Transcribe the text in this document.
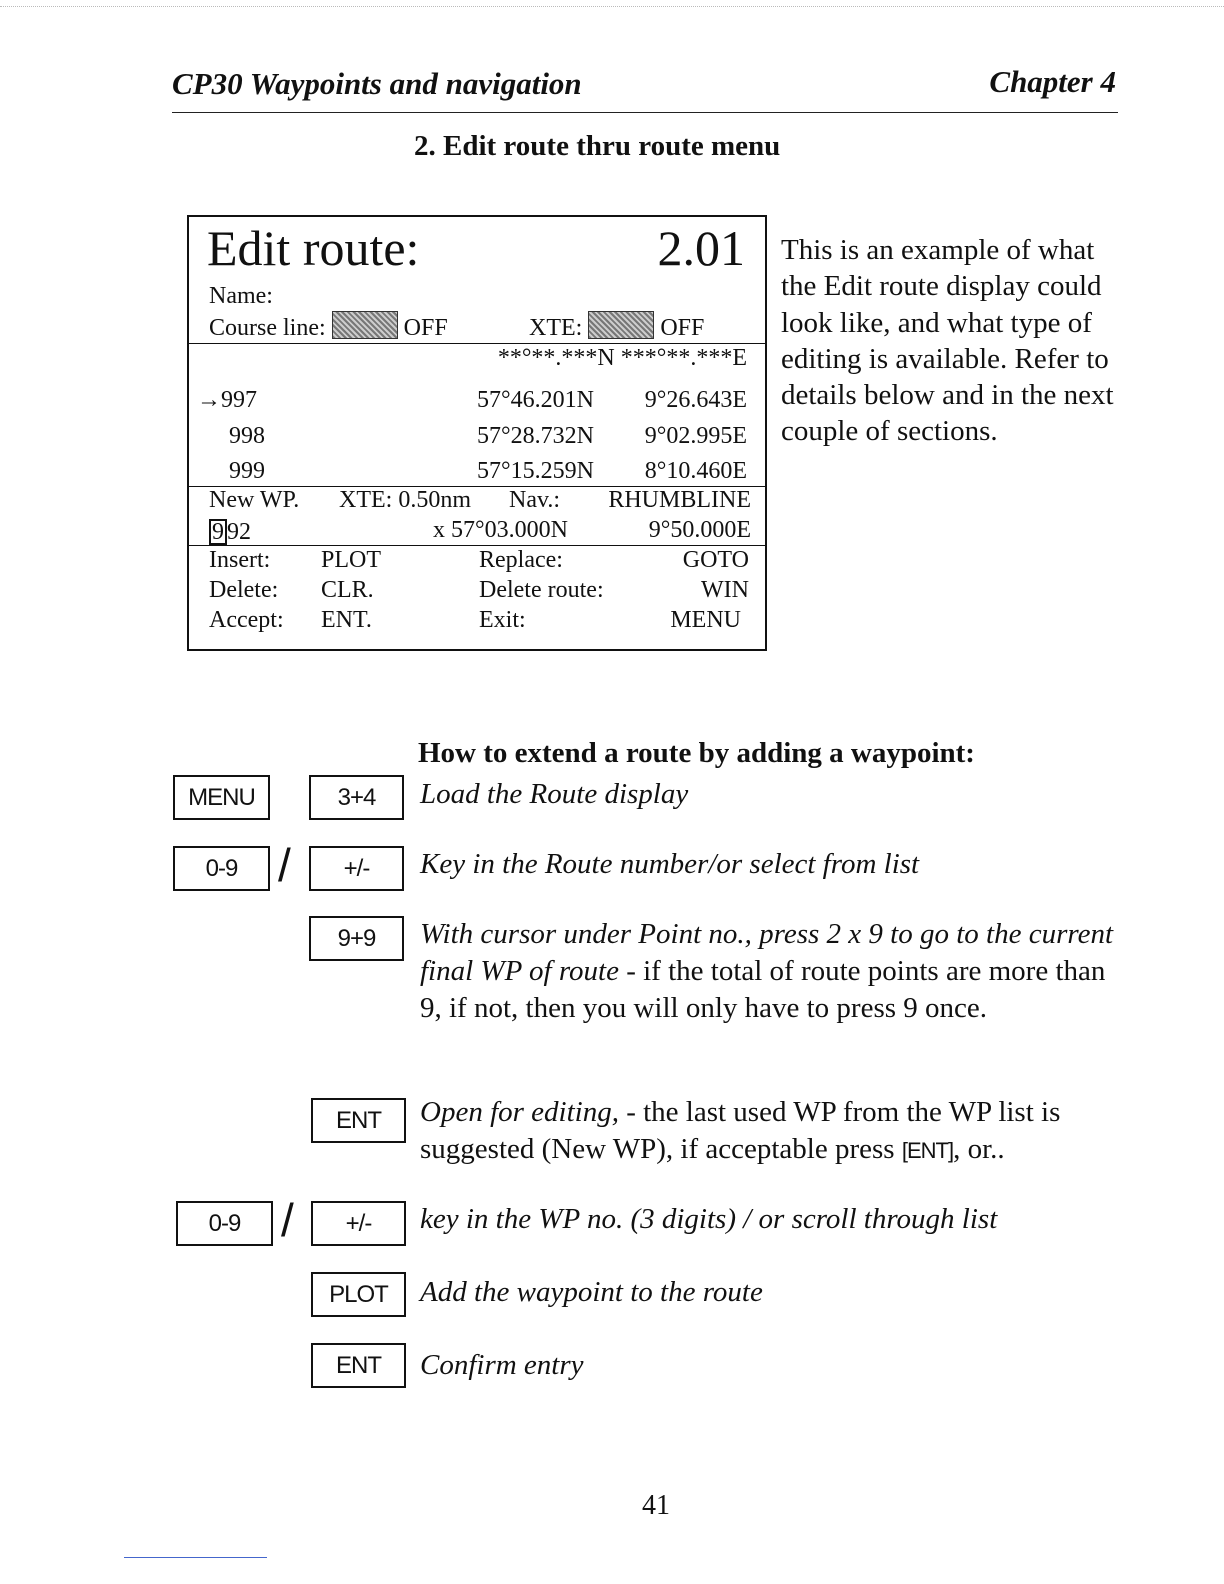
CP30 Waypoints and navigation	Chapter 4
2. Edit route thru route menu
Edit route:	2.01
Name:
Course line:	OFF	XTE:	OFF
**°**.***N ***°**.***E
→997	57°46.201N 9°26.643E
998	57°28.732N 9°02.995E
999	57°15.259N 8°10.460E
New WP. XTE: 0.50nm Nav.: RHUMBLINE
9 92	x 57°03.000N	9°50.000E
Insert: PLOT	Replace:	GOTO
Delete: CLR.	Delete route:	WIN
Accept: ENT.	Exit:	MENU
This is an example of what the Edit route display could look like, and what type of editing is available. Refer to details below and in the next couple of sections.
How to extend a route by adding a waypoint:
MENU	3+4	Load the Route display
0-9 /	+/-	Key in the Route number/or select from list
9+9	With cursor under Point no., press 2 x 9 to go to the current final WP of route - if the total of route points are more than 9, if not, then you will only have to press 9 once.
ENT	Open for editing, - the last used WP from the WP list is suggested (New WP), if acceptable press [ENT], or..
0-9 /	+/-	key in the WP no. (3 digits) / or scroll through list
PLOT	Add the waypoint to the route
ENT	Confirm entry
41
